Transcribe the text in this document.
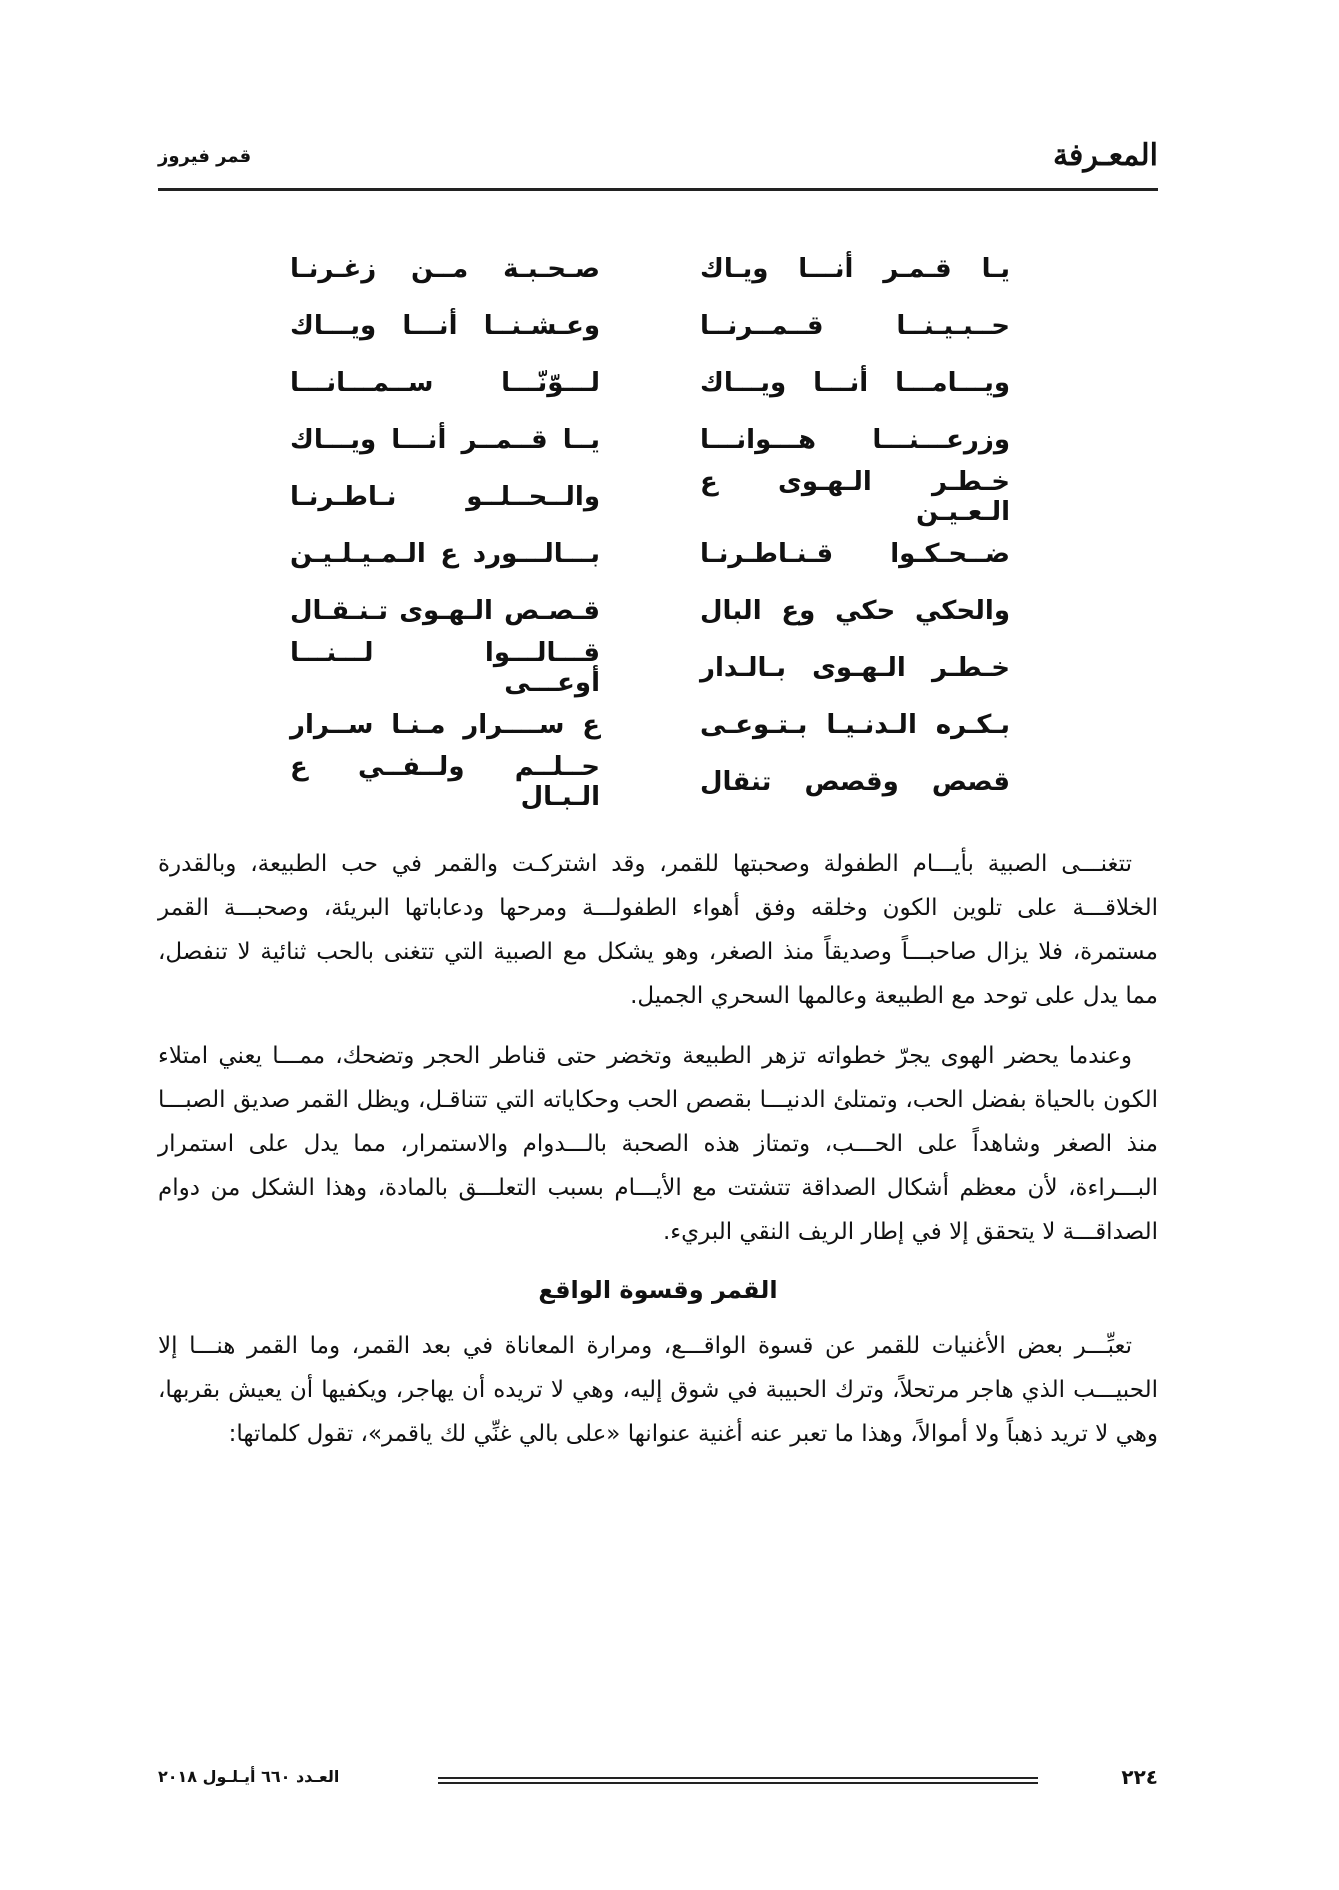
المعـرفة
قمر فيروز
يـا قـمـر أنـــا ويـاك
صـحـبـة مــن زغـرنـا
حــبـيـنــا قــمــرنــا
وعـشـنــا أنـــا ويـــاك
ويـــامـــا أنـــا ويـــاك
لـــوّنّـــا ســمـــانـــا
وزرعـــنـــا هـــوانـــا
يــا قــمــر أنـــا ويـــاك
خـطـر الـهـوى ع الـعـيـن
والــحــلــو نـاطـرنـا
ضــحـكـوا قـنـاطـرنـا
بـــالـــورد ع الـمـيـلـيـن
والحكي حكي وع البال
قـصـص الـهـوى تـنـقـال
خـطـر الـهـوى بـالـدار
قـــالـــوا لـــنـــا أوعـــى
بـكـره الـدنـيـا بـتـوعـى
ع ســــرار مـنـا ســرار
قصص وقصص تنقال
حــلــم ولــفــي ع الـبـال

تتغنـــى الصبية بأيـــام الطفولة وصحبتها للقمر، وقد اشتركـت والقمر في حب الطبيعة، وبالقدرة الخلاقـــة على تلوين الكون وخلقه وفق أهواء الطفولـــة ومرحها ودعاباتها البريئة، وصحبـــة القمر مستمرة، فلا يزال صاحبـــاً وصديقاً منذ الصغر، وهو يشكل مع الصبية التي تتغنى بالحب ثنائية لا تنفصل، مما يدل على توحد مع الطبيعة وعالمها السحري الجميل.

وعندما يحضر الهوى يجرّ خطواته تزهر الطبيعة وتخضر حتى قناطر الحجر وتضحك، ممـــا يعني امتلاء الكون بالحياة بفضل الحب، وتمتلئ الدنيـــا بقصص الحب وحكاياته التي تتناقـل، ويظل القمر صديق الصبـــا منذ الصغر وشاهداً على الحـــب، وتمتاز هذه الصحبة بالـــدوام والاستمرار، مما يدل على استمرار البـــراءة، لأن معظم أشكال الصداقة تتشتت مع الأيـــام بسبب التعلـــق بالمادة، وهذا الشكل من دوام الصداقـــة لا يتحقق إلا في إطار الريف النقي البريء.

القمر وقسوة الواقع

تعبِّـــر بعض الأغنيات للقمر عن قسوة الواقـــع، ومرارة المعاناة في بعد القمر، وما القمر هنـــا إلا الحبيـــب الذي هاجر مرتحلاً، وترك الحبيبة في شوق إليه، وهي لا تريده أن يهاجر، ويكفيها أن يعيش بقربها، وهي لا تريد ذهباً ولا أموالاً، وهذا ما تعبر عنه أغنية عنوانها «على بالي غنِّي لك ياقمر»، تقول كلماتها:

٢٢٤
العـدد ٦٦٠ أيـلـول ٢٠١٨
